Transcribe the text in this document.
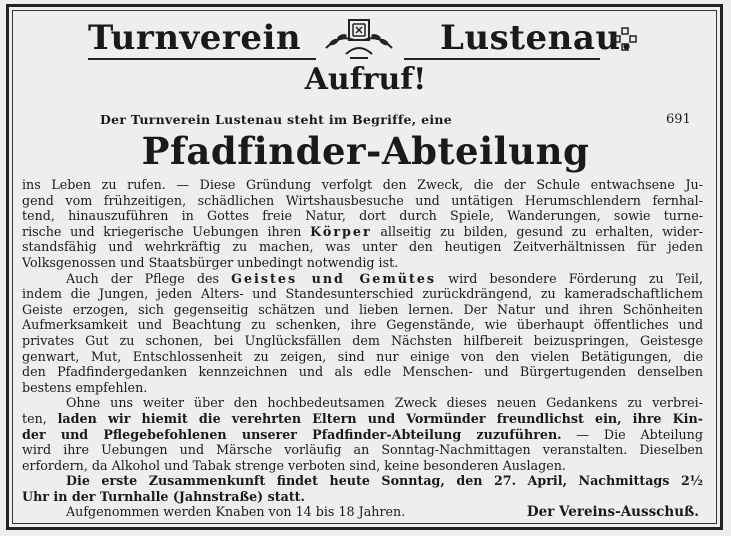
Turnverein	Lustenau.
Aufruf!
Der Turnverein Lustenau steht im Begriffe, eine	691
Pfadfinder-Abteilung

ins Leben zu rufen. — Diese Gründung verfolgt den Zweck, die der Schule entwachsene Ju-
gend vom frühzeitigen, schädlichen Wirtshausbesuche und untätigen Herumschlendern fernhal-
tend, hinauszuführen in Gottes freie Natur, dort durch Spiele, Wanderungen, sowie turne-
rische und kriegerische Uebungen ihren Körper allseitig zu bilden, gesund zu erhalten, wider-
standsfähig und wehrkräftig zu machen, was unter den heutigen Zeitverhältnissen für jeden
Volksgenossen und Staatsbürger unbedingt notwendig ist.

Auch der Pflege des Geistes und Gemütes wird besondere Förderung zu Teil,
indem die Jungen, jeden Alters- und Standesunterschied zurückdrängend, zu kameradschaftlichem
Geiste erzogen, sich gegenseitig schätzen und lieben lernen. Der Natur und ihren Schönheiten
Aufmerksamkeit und Beachtung zu schenken, ihre Gegenstände, wie überhaupt öffentliches und
privates Gut zu schonen, bei Unglücksfällen dem Nächsten hilfbereit beizuspringen, Geistesge
genwart, Mut, Entschlossenheit zu zeigen, sind nur einige von den vielen Betätigungen, die
den Pfadfindergedanken kennzeichnen und als edle Menschen- und Bürgertugenden denselben
bestens empfehlen.

Ohne uns weiter über den hochbedeutsamen Zweck dieses neuen Gedankens zu verbrei-
ten, laden wir hiemit die verehrten Eltern und Vormünder freundlichst ein, ihre Kin-
der und Pflegebefohlenen unserer Pfadfinder-Abteilung zuzuführen. — Die Abteilung
wird ihre Uebungen und Märsche vorläufig an Sonntag-Nachmittagen veranstalten. Dieselben
erfordern, da Alkohol und Tabak strenge verboten sind, keine besonderen Auslagen.

Die erste Zusammenkunft findet heute Sonntag, den 27. April, Nachmittags 2½
Uhr in der Turnhalle (Jahnstraße) statt.

Aufgenommen werden Knaben von 14 bis 18 Jahren.	Der Vereins-Ausschuß.
